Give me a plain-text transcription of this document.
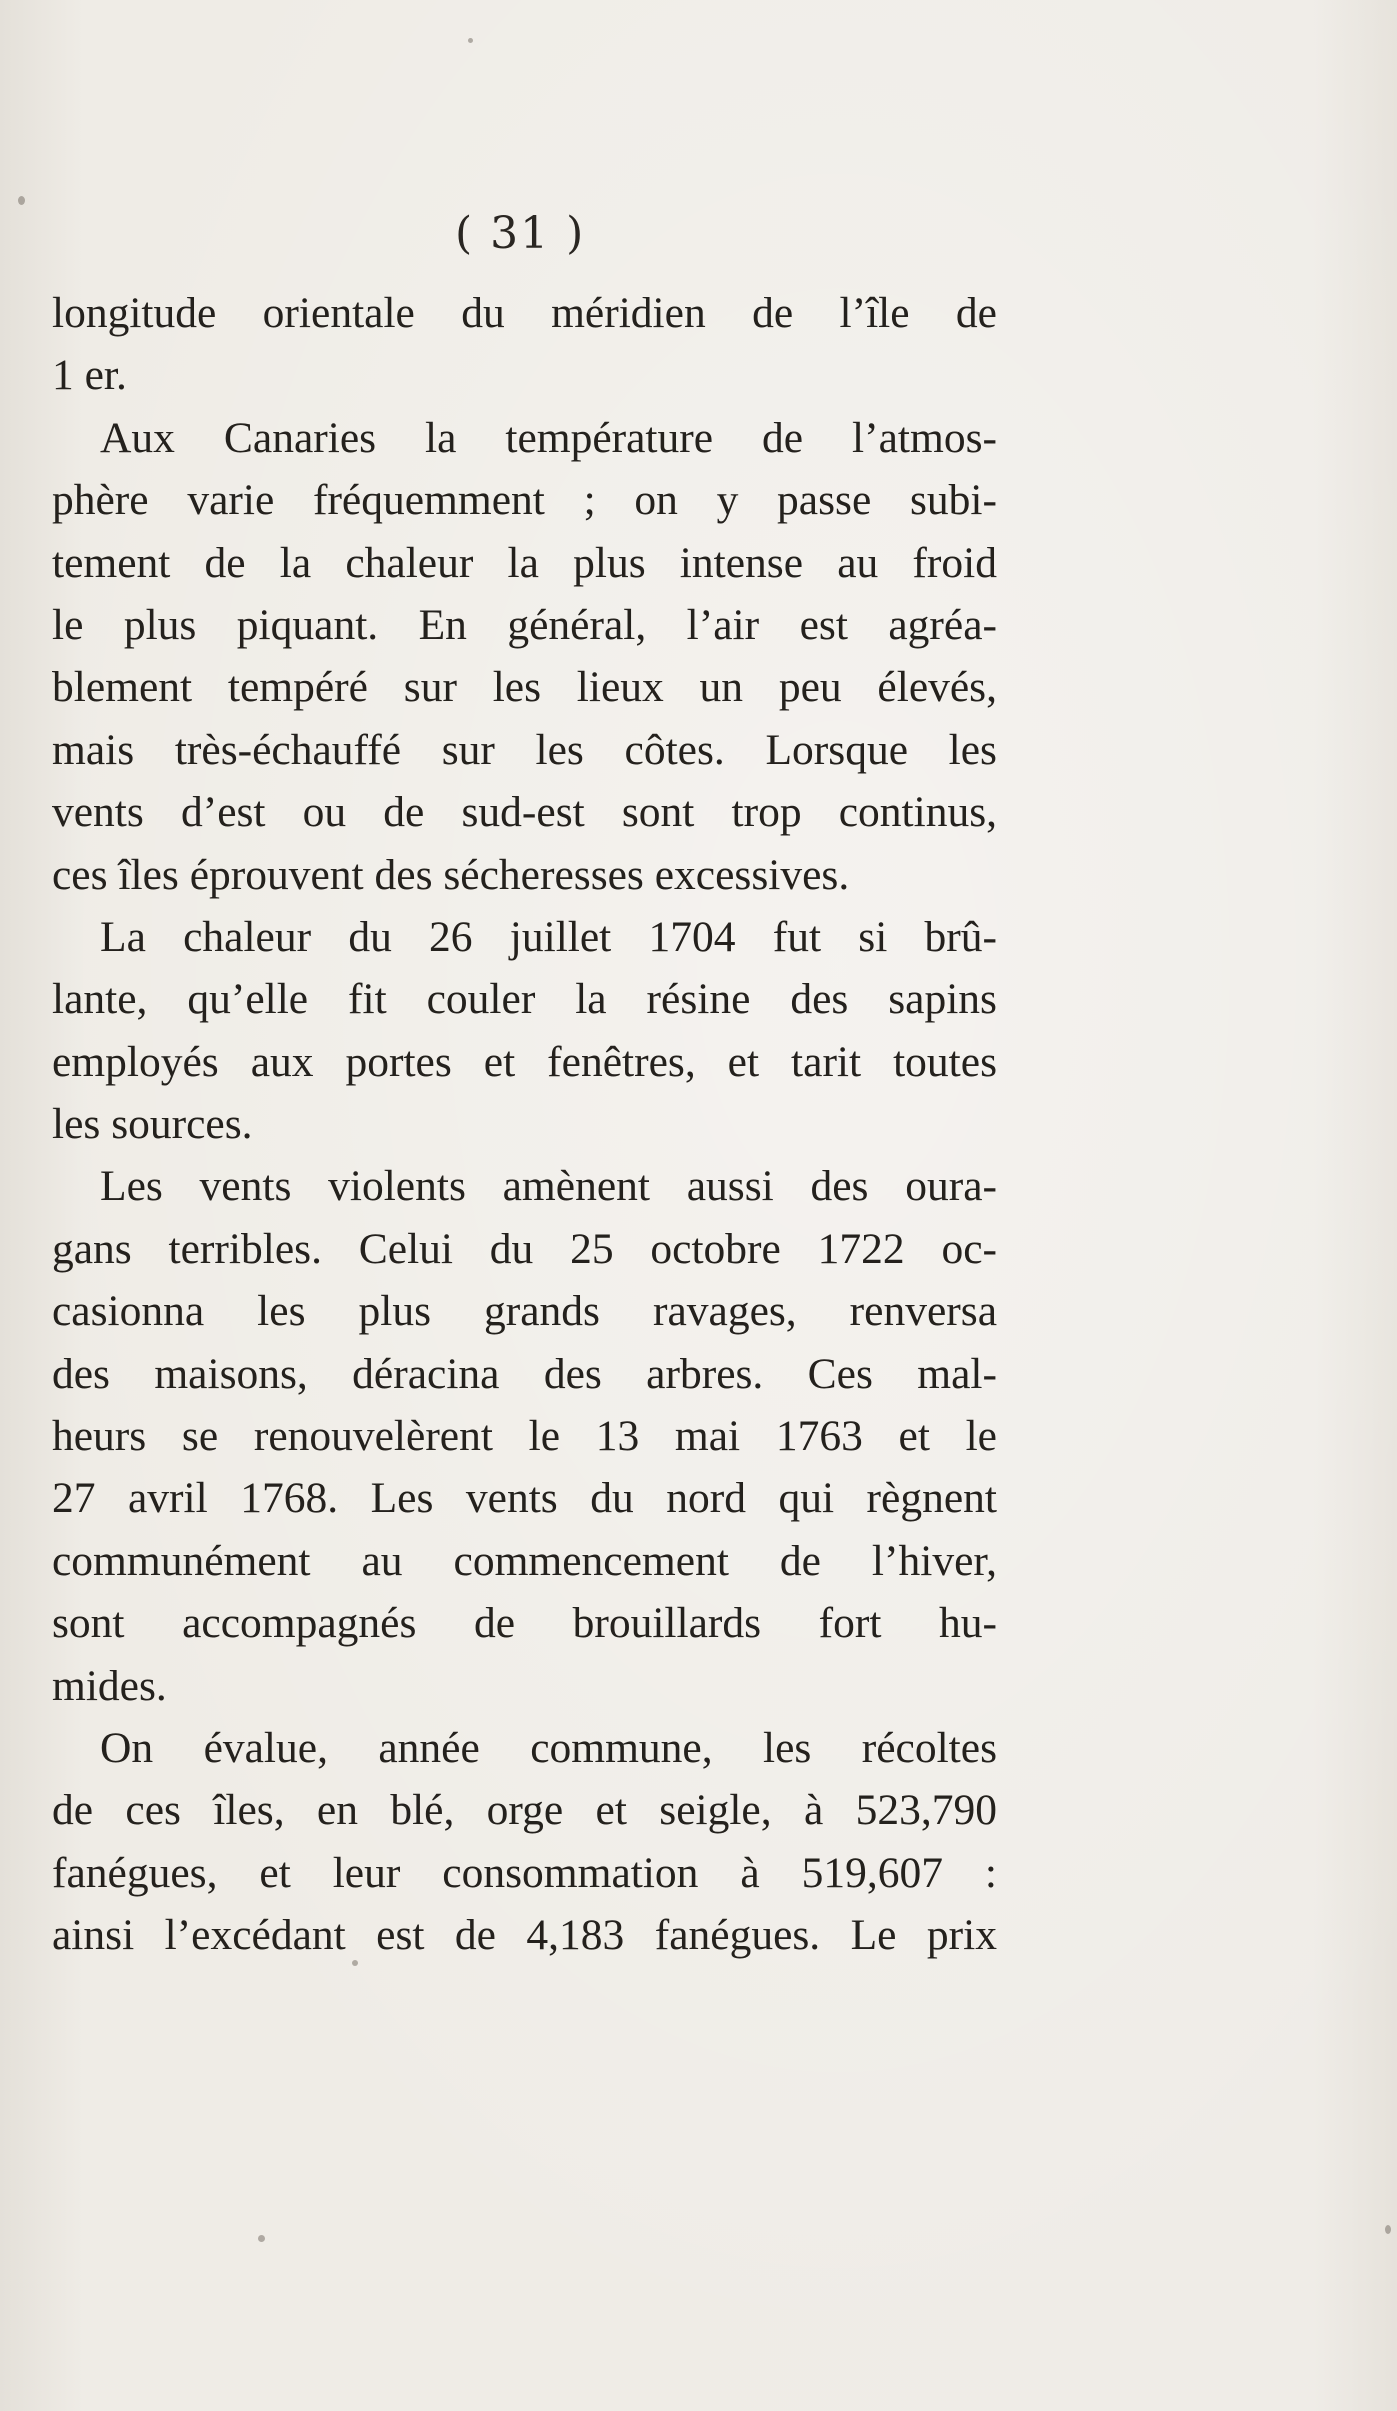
( 31 )
longitude orientale du méridien de l’île de
1 er.
Aux Canaries la température de l’atmos-
phère varie fréquemment ; on y passe subi-
tement de la chaleur la plus intense au froid
le plus piquant. En général, l’air est agréa-
blement tempéré sur les lieux un peu élevés,
mais très-échauffé sur les côtes. Lorsque les
vents d’est ou de sud-est sont trop continus,
ces îles éprouvent des sécheresses excessives.
La chaleur du 26 juillet 1704 fut si brû-
lante, qu’elle fit couler la résine des sapins
employés aux portes et fenêtres, et tarit toutes
les sources.
Les vents violents amènent aussi des oura-
gans terribles. Celui du 25 octobre 1722 oc-
casionna les plus grands ravages, renversa
des maisons, déracina des arbres. Ces mal-
heurs se renouvelèrent le 13 mai 1763 et le
27 avril 1768. Les vents du nord qui règnent
communément au commencement de l’hiver,
sont accompagnés de brouillards fort hu-
mides.
On évalue, année commune, les récoltes
de ces îles, en blé, orge et seigle, à 523,790
fanégues, et leur consommation à 519,607 :
ainsi l’excédant est de 4,183 fanégues. Le prix
